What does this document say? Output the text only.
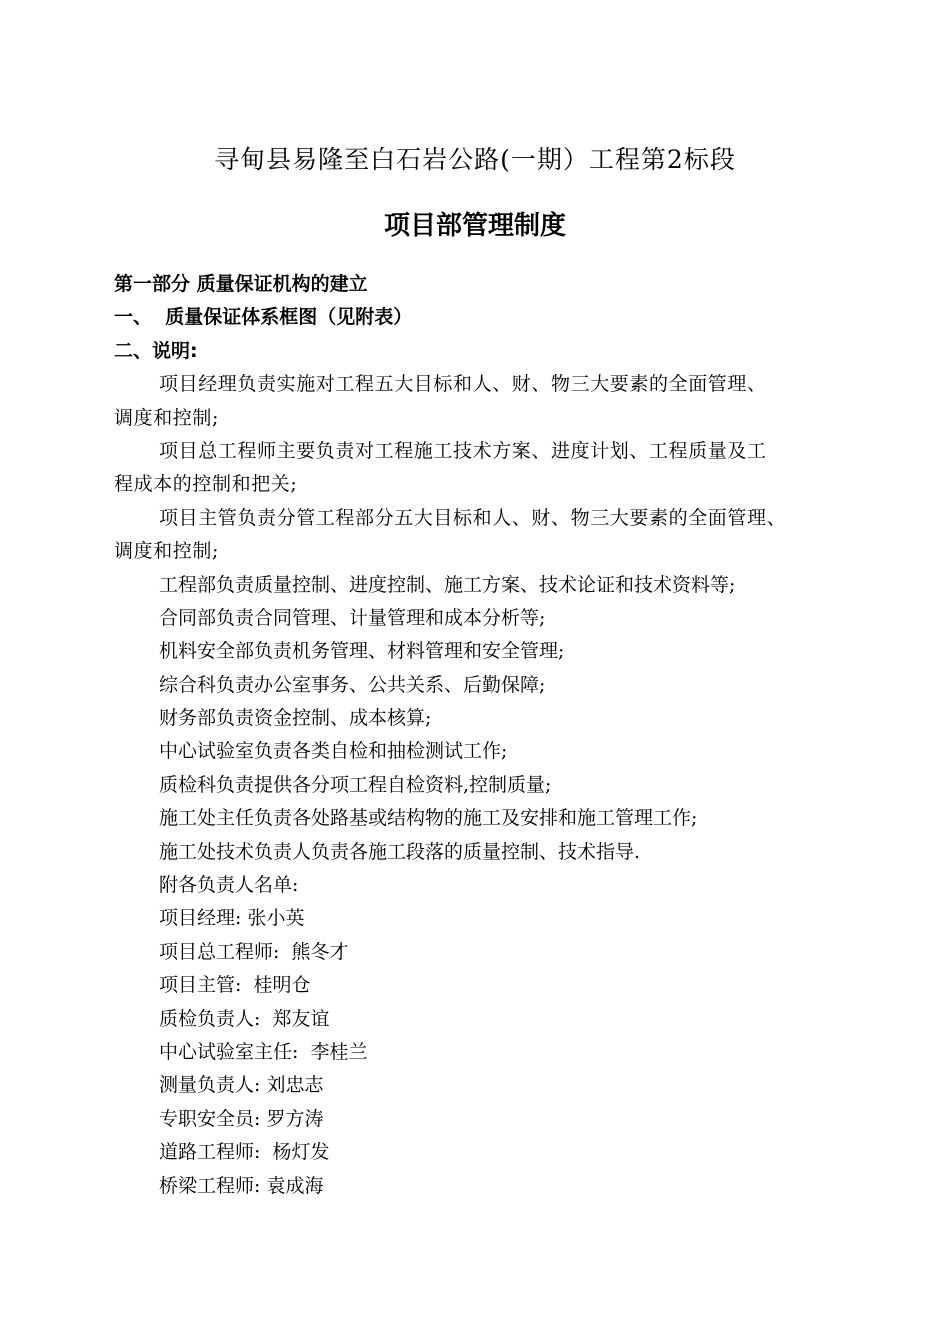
寻甸县易隆至白石岩公路(一期）工程第2标段
项目部管理制度

第一部分 质量保证机构的建立

一、  质量保证体系框图（见附表）

二、说明:

项目经理负责实施对工程五大目标和人、财、物三大要素的全面管理、

调度和控制;

项目总工程师主要负责对工程施工技术方案、进度计划、工程质量及工

程成本的控制和把关;

项目主管负责分管工程部分五大目标和人、财、物三大要素的全面管理、

调度和控制;

工程部负责质量控制、进度控制、施工方案、技术论证和技术资料等;

合同部负责合同管理、计量管理和成本分析等;

机料安全部负责机务管理、材料管理和安全管理;

综合科负责办公室事务、公共关系、后勤保障;

财务部负责资金控制、成本核算;

中心试验室负责各类自检和抽检测试工作;

质检科负责提供各分项工程自检资料,控制质量;

施工处主任负责各处路基或结构物的施工及安排和施工管理工作;

施工处技术负责人负责各施工段落的质量控制、技术指导.

附各负责人名单:

项目经理: 张小英

项目总工程师:  熊冬才

项目主管:  桂明仓

质检负责人:  郑友谊

中心试验室主任:  李桂兰

测量负责人: 刘忠志

专职安全员: 罗方涛

道路工程师:  杨灯发

桥梁工程师: 袁成海
